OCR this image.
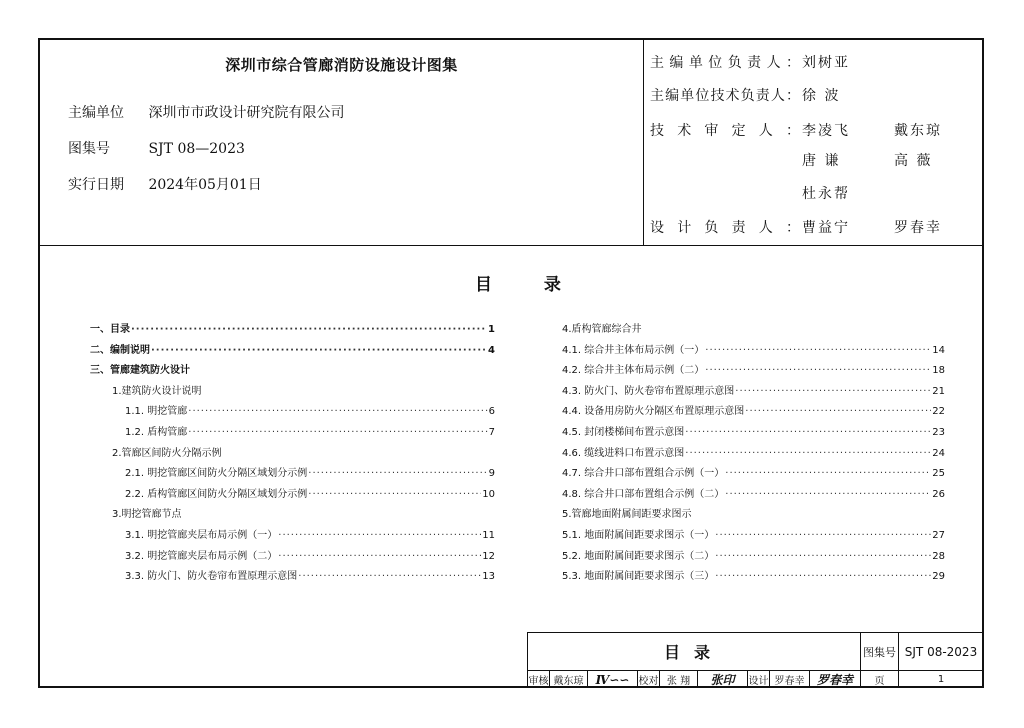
深圳市综合管廊消防设施设计图集
主编单位 深圳市市政设计研究院有限公司
图集号	SJT 08—2023
实行日期 2024年05月01日
主编单位负责人： 刘树亚
主编单位技术负责人： 徐 波
技术审定人： 李凌飞	戴东琼
唐 谦	高 薇
杜永帮
设计负责人： 曹益宁	罗春幸
目	录
一、目录 ·····	1
二、编制说明 ·····	4
三、管廊建筑防火设计
1.建筑防火设计说明
1.1. 明挖管廊 ·····	6
1.2. 盾构管廊 ·····	7
2.管廊区间防火分隔示例
2.1. 明挖管廊区间防火分隔区域划分示例 ·····	9
2.2. 盾构管廊区间防火分隔区域划分示例 ·····	10
3.明挖管廊节点
3.1. 明挖管廊夹层布局示例（一） ·····	11
3.2. 明挖管廊夹层布局示例（二） ·····	12
3.3. 防火门、防火卷帘布置原理示意图 ·····	13
4.盾构管廊综合井
4.1. 综合井主体布局示例（一） ·····	14
4.2. 综合井主体布局示例（二） ·····	18
4.3. 防火门、防火卷帘布置原理示意图 ·····	21
4.4. 设备用房防火分隔区布置原理示意图 ·····	22
4.5. 封闭楼梯间布置示意图 ·····	23
4.6. 缆线进料口布置示意图 ·····	24
4.7. 综合井口部布置组合示例（一） ·····	25
4.8. 综合井口部布置组合示例（二） ·····	26
5.管廊地面附属间距要求图示
5.1. 地面附属间距要求图示（一） ·····	27
5.2. 地面附属间距要求图示（二） ·····	28
5.3. 地面附属间距要求图示（三） ·····	29
目录	图集号 SJT 08-2023
审核 戴东琼	Ⅳ∽∽ 校对 张 翔	张印	设计 罗春幸	罗春幸	页	1
